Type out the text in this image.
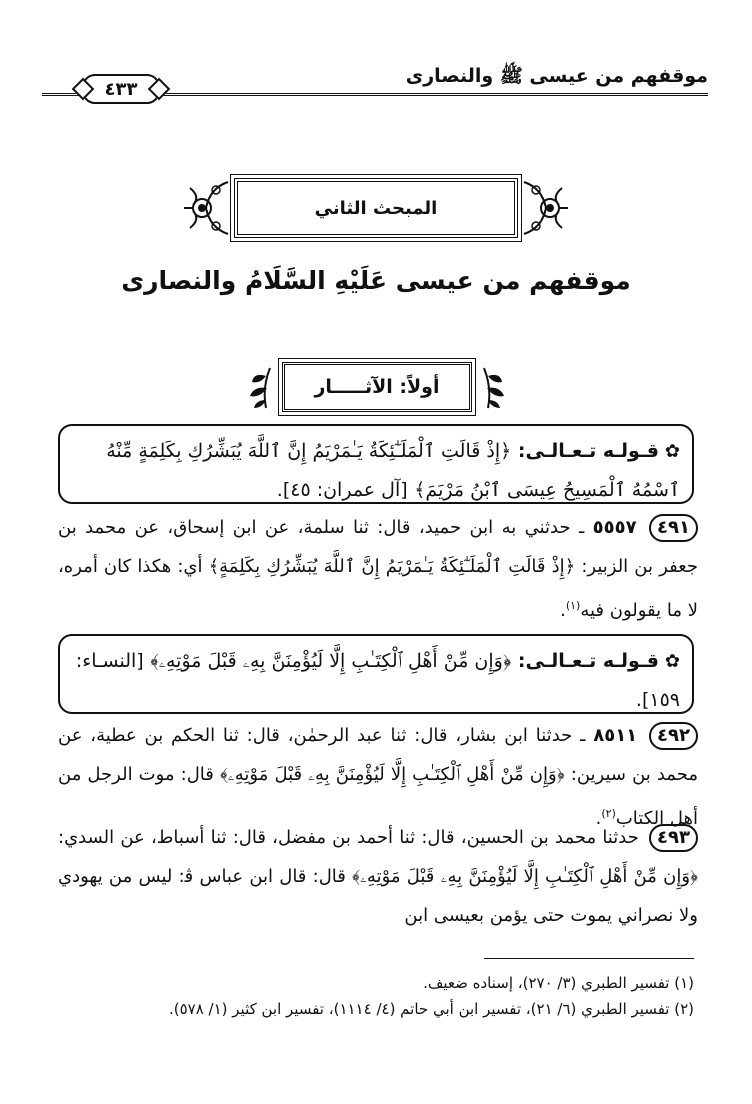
موقفهم من عيسى ﷺ والنصارى
٤٣٣
المبحث الثاني
موقفهم من عيسى عَلَيْهِ السَّلَامُ والنصارى
أولاً: الآثـــــار
✿قـولـه تـعـالـى: ﴿إِذْ قَالَتِ ٱلْمَلَـٰٓئِكَةُ يَـٰمَرْيَمُ إِنَّ ٱللَّهَ يُبَشِّرُكِ بِكَلِمَةٍ مِّنْهُ ٱسْمُهُ ٱلْمَسِيحُ عِيسَى ٱبْنُ مَرْيَمَ﴾ [آل عمران: ٤٥].
٤٩١ ٥٥٥٧ ـ حدثني به ابن حميد، قال: ثنا سلمة، عن ابن إسحاق، عن محمد بن جعفر بن الزبير: ﴿إِذْ قَالَتِ ٱلْمَلَـٰٓئِكَةُ يَـٰمَرْيَمُ إِنَّ ٱللَّهَ يُبَشِّرُكِ بِكَلِمَةٍ﴾ أي: هكذا كان أمره، لا ما يقولون فيه$^{(١)}$.
✿قـولـه تـعـالـى: ﴿وَإِن مِّنْ أَهْلِ ٱلْكِتَـٰبِ إِلَّا لَيُؤْمِنَنَّ بِهِۦ قَبْلَ مَوْتِهِۦ﴾ [النسـاء: ١٥٩].
٤٩٢ ٨٥١١ ـ حدثنا ابن بشار، قال: ثنا عبد الرحمٰن، قال: ثنا الحكم بن عطية، عن محمد بن سيرين: ﴿وَإِن مِّنْ أَهْلِ ٱلْكِتَـٰبِ إِلَّا لَيُؤْمِنَنَّ بِهِۦ قَبْلَ مَوْتِهِۦ﴾ قال: موت الرجل من أهل الكتاب$^{(٢)}$.
٤٩٣ حدثنا محمد بن الحسين، قال: ثنا أحمد بن مفضل، قال: ثنا أسباط، عن السدي: ﴿وَإِن مِّنْ أَهْلِ ٱلْكِتَـٰبِ إِلَّا لَيُؤْمِنَنَّ بِهِۦ قَبْلَ مَوْتِهِۦ﴾ قال: قال ابن عباس ﭬ: ليس من يهودي ولا نصراني يموت حتى يؤمن بعيسى ابن
(١) تفسير الطبري (٣/ ٢٧٠)، إسناده ضعيف.
(٢) تفسير الطبري (٦/ ٢١)، تفسير ابن أبي حاتم (٤/ ١١١٤)، تفسير ابن كثير (١/ ٥٧٨).
